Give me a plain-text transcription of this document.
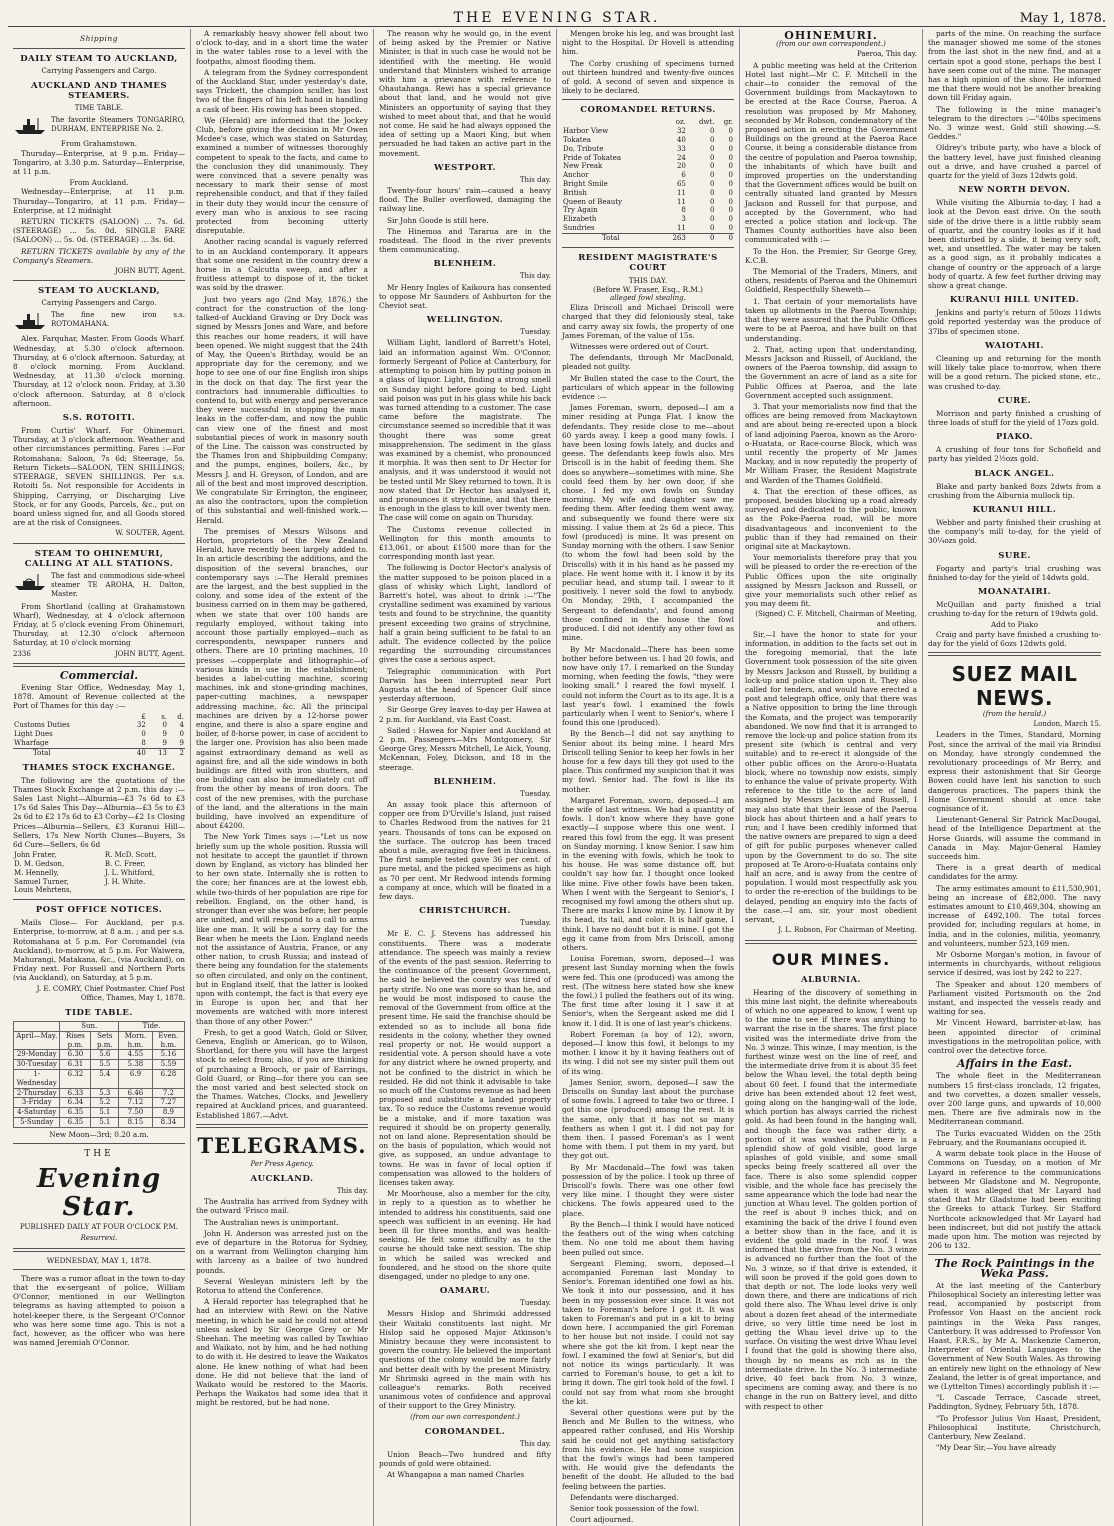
THE EVENING STAR.	May 1, 1878.
Shipping
DAILY STEAM TO AUCKLAND,
Carrying Passengers and Cargo.
AUCKLAND AND THAMES STEAMERS.
TIME TABLE.
The favorite Steamers TONGARIRO, DURHAM, ENTERPRISE No. 2.
From Grahamstown.

Thursday—Enterprise, at 9 p.m. Friday—Tongariro, at 3.30 p.m. Saturday—Enterprise, at 11 p.m.

From Auckland.

Wednesday—Enterprise, at 11 p.m. Thursday—Tongariro, at 11 p.m. Friday—Enterprise, at 12 midnight

RETURN TICKETS (SALOON) ... 7s. 6d. (STEERAGE) ... 5s. 0d. SINGLE FARE (SALOON) ... 5s. 0d. (STEERAGE) ... 3s. 6d.

RETURN TICKETS available by any of the Company's Steamers.

JOHN BUTT, Agent.
STEAM TO AUCKLAND,
Carrying Passengers and Cargo.
The fine new iron s.s. ROTOMAHANA.

Alex. Farquhar, Master. From Goods Wharf. Wednesday, at 5.30 o'clock afternoon. Thursday, at 6 o'clock afternoon. Saturday, at 8 o'clock morning. From Auckland. Wednesday, at 11.30 o'clock morning. Thursday, at 12 o'clock noon. Friday, at 3.30 o'clock afternoon. Saturday, at 8 o'clock afternoon.

S.S. ROTOITI.

From Curtis' Wharf. For Ohinemuri. Thursday, at 3 o'clock afternoon. Weather and other circumstances permitting. Fares :—For Rotomahana: Saloon, 7s 6d; Steerage, 5s. Return Tickets—SALOON, TEN SHILLINGS; STEERAGE, SEVEN SHILLINGS. Per s.s. Rotoiti 5s. Not responsible for Accidents in Shipping, Carrying, or Discharging Live Stock, or for any Goods, Parcels, &c., put on board unless signed for, and all Goods stored are at the risk of Consignees.

W. SOUTER, Agent.
STEAM TO OHINEMURI, CALLING AT ALL STATIONS.
The fast and commodious side-wheel steamer TE AROHA, H. Dalton, Master.

From Shortland (calling at Grahamstown Wharf), Wednesday, at 4 o'clock afternoon Friday, at 5 o'clock evening From Ohinemuri, Thursday, at 12.30 o'clock afternoon Saturday, at 10 o'clock morning

2336	JOHN BUTT, Agent.
Commercial.

Evening Star Office, Wednesday, May 1, 1878. Amount of Revenue collected at the Port of Thames for this day :—

	£	s.	d.
Customs Duties	32	0	4
Light Dues	0	9	0
Wharfage	8	9	9
Total	40	13	2
THAMES STOCK EXCHANGE.

The following are the quotations of the Thames Stock Exchange at 2 p.m. this day :— Sales Last Night—Alburnia—£3 7s 6d to £3 17s 6d Sales This Day—Alburnia—£3 5s to £3 2s 6d to £2 17s 6d to £3 Corby—£2 1s Closing Prices—Alburnia—Sellers, £3 Kuranui Hill—Sellers, 17s New North Clunes—Buyers, 3s 6d Cure—Sellers, 6s 6d

John Frater,	R. McD. Scott,
D. M. Gedson,	B. C. Freer,
M. Hennelly,	J. L. Whitford,
Samuel Turner,	J. H. White.
Louis Mehrtens,	
POST OFFICE NOTICES.

Mails Close— For Auckland, per p.s. Enterprise, to-morrow, at 8 a.m. ; and per s.s. Rotomahana at 5 p.m. For Coromandel (via Auckland), to-morrow, at 5 p.m. For Waiwera, Mahurangi, Matakana, &c., (via Auckland), on Friday next. For Russell and Northern Ports (via Auckland), on Saturday, at 5 p.m.

J. E. COMRY, Chief Postmaster. Chief Post Office, Thames, May 1, 1878.
TIDE TABLE.
	Sun.		Tide.	
April—May.	Rises p.m.	Sets p.m.	Morn. h.m.	Even. h.m.
29-Monday	6.30	5.6	4.55	5.16
30-Tuesday	6.31	5.5	5.38	5.59
1-Wednesday	6.32	5.4	6.9	6.28
2-Thursday	6.33	5.3	6.46	7.2
3-Friday	6.34	5.2	7.12	7.27
4-Saturday	6.35	5.1	7.50	8.9
5-Sunday	6.35	5.1	8.15	8.34
New Moon—3rd; 0.20 a.m.
THE
Evening Star.
PUBLISHED DAILY AT FOUR O'CLOCK P.M.
Resurrexi.
WEDNESDAY, MAY 1, 1878.

There was a rumor afloat in the town to-day that the ex-sergeant of police, William O'Connor, mentioned in our Wellington telegrams as having attempted to poison a hotel-keeper there, is the Sergeant O'Connor who was here some time ago. This is not a fact, however, as the officer who was here was named Jeremiah O'Connor.

A remarkably heavy shower fell about two o'clock to-day, and in a short time the water in the water tables rose to a level with the footpaths, almost flooding them.

A telegram from the Sydney correspondent of the Auckland Star, under yesterday's date, says Trickett, the champion sculler, has lost two of the fingers of his left hand in handling a cask of beer. His rowing has been stopped.

We (Herald) are informed that the Jockey Club, before giving the decision in Mr Owen Mcdee's case, which was stated on Saturday, examined a number of witnesses thoroughly competent to speak to the facts, and came to the conclusion they did unanimously. They were convinced that a severe penalty was necessary to mark their sense of most reprehensible conduct, and that if they failed in their duty they would incur the censure of every man who is anxious to see racing protected from becoming utterly disreputable.

Another racing scandal is vaguely referred to in an Auckland contemporary. It appears that some one resident in the country drew a horse in a Calcutta sweep, and after a fruitless attempt to dispose of it, the ticket was sold by the drawer.

Just two years ago (2nd May, 1876,) the contract for the construction of the long-talked-of Auckland Graving or Dry Dock was signed by Messrs Jones and Ware, and before this reaches our home readers, it will have been opened. We might suggest that the 24th of May, the Queen's Birthday, would be an appropriate day for the ceremony, and we hope to see one of our fine English iron ships in the dock on that day. The first year the contractors had innumerable difficulties to contend to, but with energy and perseverance they were successful in stopping the main leaks in the coffer-dam, and now the public can view one of the finest and most substantial pieces of work in masonry south of the Line. The caisson was constructed by the Thames Iron and Shipbuilding Company; and the pumps, engines, boilers, &c., by Messrs J. and H. Greyson, of London, and are all of the best and most improved description. We congratulate Sir Errington, the engineer, as also the contractors, upon the completion of this substantial and well-finished work.—Herald.

The premises of Messrs Wilsons and Horton, proprietors of the New Zealand Herald, have recently been largely added to. In an article describing the additions, and the disposition of the several branches, our contemporary says :—The Herald premises are the largest, and the best supplied in the colony, and some idea of the extent of the business carried on in them may be gathered, when we state that over 100 hands are regularly employed, without taking into account those partially employed—such as correspondents, newspaper runners and others. There are 10 printing machines, 10 presses —copperplate and lithographic—of various kinds in use in the establishment; besides a label-cutting machine, scoring machines, ink and stone-grinding machines, paper-cutting machines, a newspaper addressing machine, &c. All the principal machines are driven by a 12-horse power engine, and there is also a spare engine and boiler, of 8-horse power, in case of accident to the larger one. Provision has also been made against extraordinary demand as well as against fire, and all the side windows in both buildings are fitted with iron shutters, and one building can also be immediately cut off from the other by means of iron doors. The cost of the new premises, with the purchase of the land, and the alterations in the main building, have involved an expenditure of about £4200.

The New York Times says :—"Let us now briefly sum up the whole position. Russia will not hesitate to accept the gauntlet if thrown down by England, as victory has blinded her to her own state. Internally she is rotten to the core; her finances are at the lowest ebb, while two-thirds of her population are ripe for rebellion. England, on the other hand, is stronger than ever she was before; her people are united, and will respond to a call to arms like one man. It will be a sorry day for the Bear when he meets the Lion. England needs not the assistance of Austria, France, or any other nation, to crush Russia; and instead of there being any foundation for the statements so often circulated, and only on the continent, but in England itself, that the latter is looked upon with contempt, the fact is that every eye in Europe is upon her, and that her movements are watched with more interest than those of any other Power."

Fresh, to get a good Watch, Gold or Silver, Geneva, English or American, go to Wilson, Shortland, for there you will have the largest stock to select from; also, if you are thinking of purchasing a Brooch, or pair of Earrings, Gold Guard, or Ring—for there you can see the most varied and best selected stock on the Thames. Watches, Clocks, and Jewellery repaired at Auckland prices, and guaranteed. Established 1867.—Advt.

TELEGRAMS.
Per Press Agency.
AUCKLAND.
This day.

The Australia has arrived from Sydney with the outward 'Frisco mail.

The Australian news is unimportant.

John H. Anderson was arrested just on the eve of departure in the Rotorua for Sydney, on a warrant from Wellington charging him with larceny as a bailee of two hundred pounds.

Several Wesleyan ministers left by the Rotorua to attend the Conference.

A Herald reporter has telegraphed that he had an interview with Rewi on the Native meeting, in which he said he could not attend unless asked by Sir George Grey or Mr Sheehan. The meeting was called by Tawhiao and Waikato, not by him, and he had nothing to do with it. He desired to leave the Waikatos alone. He knew nothing of what had been done. He did not believe that the land of Waikato would be restored to the Maoris. Perhaps the Waikatos had some idea that it might be restored, but he had none.

The reason why he would go, in the event of being asked by the Premier or Native Minister, is that in such case he would not be identified with the meeting. He would understand that Ministers wished to arrange with him a grievance with reference to Ohautahanga. Rewi has a special grievance about that land, and he would not give Ministers an opportunity of saying that they wished to meet about that, and that he would not come. He said he had always opposed the idea of setting up a Maori King, but when persuaded he had taken an active part in the movement.

WESTPORT.
This day.

Twenty-four hours' rain—caused a heavy flood. The Buller overflowed, damaging the railway line.

Sir John Goode is still here.

The Hinemoa and Tararua are in the roadstead. The flood in the river prevents them communicating.

BLENHEIM.
This day.

Mr Henry Ingles of Kaikoura has consented to oppose Mr Saunders of Ashburton for the Cheviot seat.

WELLINGTON.
Tuesday.

William Light, landlord of Barrett's Hotel, laid an information against Wm. O'Connor, formerly Sergeant of Police at Canterbury, for attempting to poison him by putting poison in a glass of liquor. Light, finding a strong smell on Sunday night before going to bed. Light said poison was put in his glass while his back was turned attending to a customer. The case came before the magistrate. The circumstance seemed so incredible that it was thought there was some great misapprehension. The sediment in the glass was examined by a chemist, who pronounced it morphia. It was then sent to Dr Hector for analysis, and it was understood it would not be tested until Mr Skey returned to town. It is now stated that Dr Hector has analysed it, and pronounces it strychnine, and that there is enough in the glass to kill over twenty men. The case will come on again on Thursday.

The Customs revenue collected in Wellington for this month amounts to £13,061, or about £1500 more than for the corresponding month last year.

The following is Doctor Hector's analysis of the matter supposed to be poison placed in a glass of whisky which Light, landlord of Barrett's hotel, was about to drink :—"The crystalline sediment was examined by various tests and found to be strychnine, the quantity present exceeding two grains of strychnine, half a grain being sufficient to be fatal to an adult. The evidence collected by the police regarding the surrounding circumstances gives the case a serious aspect.

Telegraphic communication with Port Darwin has been interrupted near Port Augusta at the head of Spencer Gulf since yesterday afternoon.

Sir George Grey leaves to-day per Hawea at 2 p.m. for Auckland, via East Coast.

Sailed : Hawea for Napier and Auckland at 2 p.m. Passengers—Mrs Montgomery, Sir George Grey, Messrs Mitchell, Le Aick, Young, McKennan, Foley, Dickson, and 18 in the steerage.

BLENHEIM.
Tuesday.

An assay took place this afternoon of copper ore from D'Urville's Island, just raised to Charles Redwood from the natives for 21 years. Thousands of tons can be exposed on the surface. The outcrop has been traced about a mile, averaging five feet in thickness. The first sample tested gave 36 per cent. of pure metal, and the picked specimens as high as 70 per cent. Mr Redwood intends forming a company at once, which will be floated in a few days.

CHRISTCHURCH.
Tuesday.

Mr E. C. J. Stevens has addressed his constituents. There was a moderate attendance. The speech was mainly a review of the events of the past session. Referring to the continuance of the present Government, he said he believed the country was tired of party strife. No one was more so than he, and he would be most indisposed to cause the removal of the Government from office at the present time. He said the franchise should be extended so as to include all bona fide residents in the colony, whether they owned real property or not. He would support a residential vote. A person should have a vote for any district where he owned property, and not be confined to the district in which he resided. He did not think it advisable to take so much off the Customs revenue as had been proposed and substitute a landed property tax. To so reduce the Customs revenue would be a mistake, and if more taxation was required it should be on property generally, not on land alone. Representation should be on the basis of population, which would not give, as supposed, an undue advantage to towns. He was in favor of local option if compensation was allowed to the holders of licenses taken away.

Mr Moorhouse, also a member for the city, in reply to a question as to whether he intended to address his constituents, said one speech was sufficient in an evening. He had been ill for three months, and was health-seeking. He felt some difficulty as to the course he should take next session. The ship in which he sailed was wrecked and foundered, and he stood on the shore quite disengaged, under no pledge to any one.

OAMARU.
Tuesday.

Messrs Hislop and Shrimski addressed their Waitaki constituents last night. Mr Hislop said he opposed Major Atkinson's Ministry because they were inconsistent to govern the country. He believed the important questions of the colony would be more fairly and better dealt with by the present Ministry. Mr Shrimski agreed in the main with his colleague's remarks. Both received unanimous votes of confidence and approval of their support to the Grey Ministry.

(from our own correspondent.)
COROMANDEL.
This day.

Union Beach—Two hundred and fifty pounds of gold were obtained.

At Whangapoa a man named Charles

Mengen broke his leg, and was brought last night to the Hospital. Dr Hovell is attending him.

The Corby crushing of specimens turned out thirteen hundred and twenty-five ounces of gold. A second of seven and sixpence is likely to be declared.

COROMANDEL RETURNS.
	oz.	dwt.	gr.
Harbor View	32	0	0
Tokatea	40	0	0
Do. Tribute	33	0	0
Pride of Tokatea	24	0	0
New Freak	20	0	0
Anchor	6	0	0
Bright Smile	65	0	0
British	11	0	0
Queen of Beauty	11	0	0
Try Again	8	0	0
Elizabeth	3	0	0
Sundries	11	0	0
Total	263	0	0
RESIDENT MAGISTRATE'S COURT
THIS DAY.
(Before W. Fraser, Esq., R.M.)
alleged fowl stealing.

Eliza Driscoll and Michael Driscoll were charged that they did feloniously steal, take and carry away six fowls, the property of one James Foreman, of the value of 15s.

Witnesses were ordered out of Court.

The defendants, through Mr MacDonald, pleaded not guilty.

Mr Bullen stated the case to the Court, the particulars of which appear in the following evidence :—

James Foreman, sworn, deposed—I am a miner residing at Punga Flat. I know the defendants. They reside close to me—about 60 yards away. I keep a good many fowls. I have been losing fowls lately, and ducks and geese. The defendants keep fowls also. Mrs Driscoll is in the habit of feeding them. She does so anywhere—sometimes with mine. She could feed them by her own door, if she chose. I fed my own fowls on Sunday morning. My wife and daughter saw me feeding them. After feeding them went away, and subsequently we found there were six missing. I value them at 2s 6d a piece. This fowl (produced) is mine. It was present on Sunday morning with the others. I saw Senior (to whom the fowl had been sold by the Driscolls) with it in his hand as he passed my place. He went home with it. I know it by its peculiar head, and stump tail. I swear to it positively. I never sold the fowl to anybody. On Monday, 29th, I accompanied the Sergeant to defendants', and found among those confined in the house the fowl produced. I did not identify any other fowl as mine.

By Mr Macdonald—There has been some bother before between us. I had 20 fowls, and now have only 17. I remarked on the Sunday morning, when feeding the fowls, "they were looking small." I reared the fowl myself. I could not inform the Court as to its age. It is a last year's fowl. I examined the fowls particularly when I went to Senior's, where I found this one (produced).

By the Bench—I did not say anything to Senior about its being mine. I heard Mrs Driscoll telling Senior to keep her fowls in her house for a few days till they got used to the place. This confirmed my suspicion that it was my fowl. Senior had. The fowl is like its mother.

Margaret Foreman, sworn, deposed—I am the wife of last witness. We had a quantity of fowls. I don't know where they have gone exactly—I suppose where this one went. I reared this fowl from the egg. It was present on Sunday morning. I know Senior. I saw him in the evening with fowls, which he took to his house. He was some distance off, but couldn't say how far. I thought once looked like mine. Five other fowls have been taken. When I went with the Sergeant to Senior's, I recognised my fowl among the others shut up. There are marks I know mine by. I know it by its head, its tail, and color. It is half game, I think. I have no doubt but it is mine. I got the egg it came from from Mrs Driscoll, among others.

Louisa Foreman, sworn, deposed—I was present last Sunday morning when the fowls were fed. This one (produced) was among the rest. (The witness here stated how she knew the fowl.) I pulled the feathers out of its wing. The first time after losing it I saw it at Senior's, when the Sergeant asked me did I know it. I did. It is one of last year's chickens.

Robert Foreman (a boy of 12), sworn, deposed—I know this fowl, it belongs to my mother. I know it by it having feathers out of its wing. I did not see my sister pull them out of its wing.

James Senior, sworn, deposed—I saw the Driscolls on Sunday last about the purchase of some fowls. I agreed to take two or three. I got this one (produced) among the rest. It is the same, only that it has not so many feathers as when I got it. I did not pay for them then. I passed Foreman's as I went home with them. I put them in my yard, but they got out.

By Mr Macdonald—The fowl was taken possession of by the police. I took up three of Driscoll's fowls. There was one other fowl very like mine. I thought they were sister chickens. The fowls appeared used to the place.

By the Bench—I think I would have noticed the feathers out of the wing when catching them. No one told me about them having been pulled out since.

Sergeant Fleming, sworn, deposed—I accompanied Foreman last Monday to Senior's. Foreman identified one fowl as his. We took it into our possession, and it has been in my possession ever since. It was not taken to Foreman's before I got it. It was taken to Foreman's and put in a kit to bring down here. I accompanied the girl Foreman to her house but not inside. I could not say where she got the kit from. I kept near the fowl. I examined the fowl at Senior's, but did not notice its wings particularly. It was carried to Foreman's house, to get a kit to bring it down. The girl took hold of the fowl. I could not say from what room she brought the kit.

Several other questions were put by the Bench and Mr Bullen to the witness, who appeared rather confused, and His Worship said he could not get anything satisfactory from his evidence. He had some suspicion that the fowl's wings had been tampered with. He would give the defendants the benefit of the doubt. He alluded to the bad feeling between the parties.

Defendants were discharged.

Senior took possession of the fowl.

Court adjourned.

OHINEMURI.
(from our own correspondent.)
Paeroa, This day.

A public meeting was held at the Criterion Hotel last night—Mr C. F. Mitchell in the chair—to consider the removal of the Government buildings from Mackaytown to be erected at the Race Course, Paeroa. A resolution was proposed by Mr Mahoney, seconded by Mr Robson, condemnatory of the proposed action in erecting the Government Buildings on the ground at the Paeroa Race Course, it being a considerable distance from the centre of population and Paeroa township, the inhabitants of which have built and improved properties on the understanding that the Government offices would be built on centrally situated land granted by Messrs Jackson and Russell for that purpose, and accepted by the Government, who had erected a police station and lock-up. The Thames County authorities have also been communicated with :—

To the Hon. the Premier, Sir George Grey, K.C.B.

The Memorial of the Traders, Miners, and others, residents of Paeroa and the Ohinemuri Goldfield, Respectfully Sheweth—

1. That certain of your memorialists have taken up allotments in the Paeroa Township; that they were assured that the Public Offices were to be at Paeroa, and have built on that understanding.

2. That, acting upon that understanding, Messrs Jackson and Russell, of Auckland, the owners of the Paeroa township, did assign to the Government an acre of land as a site for Public Offices at Paeroa, and the late Government accepted such assignment.

3. That your memorialists now find that the offices are being removed from Mackaytown and are about being re-erected upon a block of land adjoining Paeroa, known as the Aroro-o-Huatata, or Race-course Block, which was until recently the property of Mr James Mackay, and is now reputedly the property of Mr William Fraser, the Resident Magistrate and Warden of the Thames Goldfield.

4. That the erection of these offices, as proposed, besides blocking up a road already surveyed and dedicated to the public, known as the Poke-Paeroa road, will be more disadvantageous and inconvenient to the public than if they had remained on their original site at Mackaytown.

Your memorialists therefore pray that you will be pleased to order the re-erection of the Public Offices upon the site originally assigned by Messrs Jackson and Russell, or give your memorialists such other relief as you may deem fit.

(Signed) C. F. Mitchell, Chairman of Meeting, and others.

Sir,—I have the honor to state for your information, in addition to the facts set out in the foregoing memorial, that the late Government took possession of the site given by Messrs Jackson and Russell, by building a lock-up and police station upon it. They also called for tenders, and would have erected a post and telegraph office, only that there was a Native opposition to bring the line through the Komata, and the project was temporarily abandoned. We now find that it is arranged to remove the lock-up and police station from its present site (which is central and very suitable) and to re-erect it alongside of the other public offices on the Aroro-o-Huatata block, where no township now exists, simply to enhance the value of private property. With reference to the title to the acre of land assigned by Messrs Jackson and Russell, I may also state that their lease of the Paeroa block has about thirteen and a half years to run; and I have been credibly informed that the native owners are prepared to sign a deed of gift for public purposes whenever called upon by the Government to do so. The site proposed at Te Aroro-o-Huatata contains only half an acre, and is away from the centre of population. I would most respectfully ask you to order the re-erection of the buildings to be delayed, pending an enquiry into the facts of the case.—I am, sir, your most obedient servant,

J. L. Robson, For Chairman of Meeting.
OUR MINES.
ALBURNIA.

Hearing of the discovery of something in this mine last night, the definite whereabouts of which no one appeared to know, I went up to the mine to see if there was anything to warrant the rise in the shares. The first place visited was the intermediate drive from the No. 3 winze. This winze, I may mention, is the furthest winze west on the line of reef, and the intermediate drive from it is about 35 feet below the Whau level, the total depth being about 60 feet. I found that the intermediate drive has been extended about 12 feet west, going along on the hanging-wall of the lode, which portion has always carried the richest gold. As had been found in the hanging wall, and though the face was rather dirty, a portion of it was washed and there is a splendid show of gold visible, good large splashes of gold visible, and some small specks being freely scattered all over the face. There is also some splendid copper visible, and the whole face has precisely the same appearance which the lode had near the junction at Whau level. The golden portion of the reef is about 9 inches thick, and on examining the back of the drive I found even a better show than in the face, and it is evident the gold made in the roof. I was informed that the drive from the No. 3 winze is advanced no further than the foot of the No. 3 winze, so if that drive is extended, it will soon be proved if the gold goes down to that depth or not. The lode looks very well down there, and there are indications of rich gold there also. The Whau level drive is only about a dozen feet ahead of the intermediate drive, so very little time need be lost in getting the Whau level drive up to the surface. On visiting the west drive Whau level I found that the gold is showing there also, though by no means as rich as in the intermediate drive. In the No. 3 intermediate drive, 40 feet back from No. 3 winze, specimens are coming away, and there is no change in the run on Battery level, and ditto with respect to other

parts of the mine. On reaching the surface the manager showed me some of the stones from the last shot in the new find, and at a certain spot a good stone, perhaps the best I have seen come out of the mine. The manager has a high opinion of the show. He informed me that there would not be another breaking down till Friday again.

The following is the mine manager's telegram to the directors :—"40lbs specimens No. 3 winze west. Gold still showing.—S. Geddes."

Oldrey's tribute party, who have a block of the battery level, have just finished cleaning out a drive, and have crushed a parcel of quartz for the yield of 3ozs 12dwts gold.

NEW NORTH DEVON.

While visiting the Alburnia to-day, I had a look at the Devon east drive. On the south side of the drive there is a little rubbly seam of quartz, and the country looks as if it had been disturbed by a slide, it being very soft, wet, and unsettled. The water may be taken as a good sign, as it probably indicates a change of country or the approach of a large body of quartz. A few feet further driving may show a great change.

KURANUI HILL UNITED.

Jenkins and party's return of 50ozs 11dwts gold reported yesterday was the produce of 37lbs of specimen stone.

WAIOTAHI.

Cleaning up and returning for the month will likely take place to-morrow, when there will be a good return. The picked stone, etc., was crushed to-day.

CURE.

Morrison and party finished a crushing of three loads of stuff for the yield of 17ozs gold.

PIAKO.

A crushing of four tons for Schofield and party has yielded 2½ozs gold.

BLACK ANGEL.

Blake and party banked 8ozs 2dwts from a crushing from the Alburnia mullock tip.

KURANUI HILL.

Webber and party finished their crushing at the company's mill to-day, for the yield of 30¼ozs gold.

SURE.

Fogarty and party's trial crushing was finished to-day for the yield of 14dwts gold.

MOANATAIRI.

McQuillan and party finished a trial crushing to-day for the return of 19dwts gold.

Add to Piako

Craig and party have finished a crushing to-day for the yield of 6ozs 12dwts gold.

SUEZ MAIL NEWS.
(from the herald.)
London, March 15.

Leaders in the Times, Standard, Morning Post, since the arrival of the mail via Brindisi on Monday, have strongly condemned the revolutionary proceedings of Mr Berry, and express their astonishment that Sir George Bowen could have lent his sanction to such dangerous practices. The papers think the Home Government should at once take cognisance of it.

Lieutenant-General Sir Patrick MacDougal, head of the Intelligence Department at the Horse Guards, will assume the command in Canada in May. Major-General Hamley succeeds him.

There is a great dearth of medical candidates for the army.

The army estimates amount to £11,530,901, being an increase of £82,000. The navy estimates amount to £10,469,304, showing an increase of £492,100. The total forces provided for, including regulars at home, in India, and in the colonies, militia, yeomanry, and volunteers, number 523,169 men.

Mr Osborne Morgan's motion, in favour of interments in churchyards, without religious service if desired, was lost by 242 to 227.

The Speaker and about 120 members of Parliament visited Portsmouth on the 2nd instant, and inspected the vessels ready and waiting for sea.

Mr Vincent Howard, barrister-at-law, has been appointed director of criminal investigations in the metropolitan police, with control over the detective force.

Affairs in the East.

The whole fleet in the Mediterranean numbers 15 first-class ironclads, 12 frigates, and two corvettes, a dozen smaller vessels, over 200 large guns, and upwards of 10,000 men. There are five admirals now in the Mediterranean command.

The Turks evacuated Widden on the 25th February, and the Roumanians occupied it.

A warm debate took place in the House of Commons on Tuesday, on a motion of Mr Layard in reference to the communications between Mr Gladstone and M. Negroponte, when it was alleged that Mr Layard had stated that Mr Gladstone had been exciting the Greeks to attack Turkey. Sir Stafford Northcote acknowledged that Mr Layard had been indiscreet, but did not justify the attack made upon him. The motion was rejected by 206 to 132.

The Rock Paintings in the Weka Pass.

At the last meeting of the Canterbury Philosophical Society an interesting letter was read, accompanied by postscript from Professor Von Haast on the ancient rock paintings in the Weka Pass ranges, Canterbury. It was addressed to Professor Von Haast, F.R.S., by Mr A. Mackenzie Cameron, Interpreter of Oriental Languages to the Government of New South Wales. As throwing an entirely new light on the ethnology of New Zealand, the letter is of great importance, and we (Lyttelton Times) accordingly publish it :—

"I. Cascade Terrace, Cascade street, Paddington, Sydney, February 5th, 1878.

"To Professor Julius Von Haast, President, Philosophical Institute, Christchurch, Canterbury, New Zealand.

"My Dear Sir,—You have already
